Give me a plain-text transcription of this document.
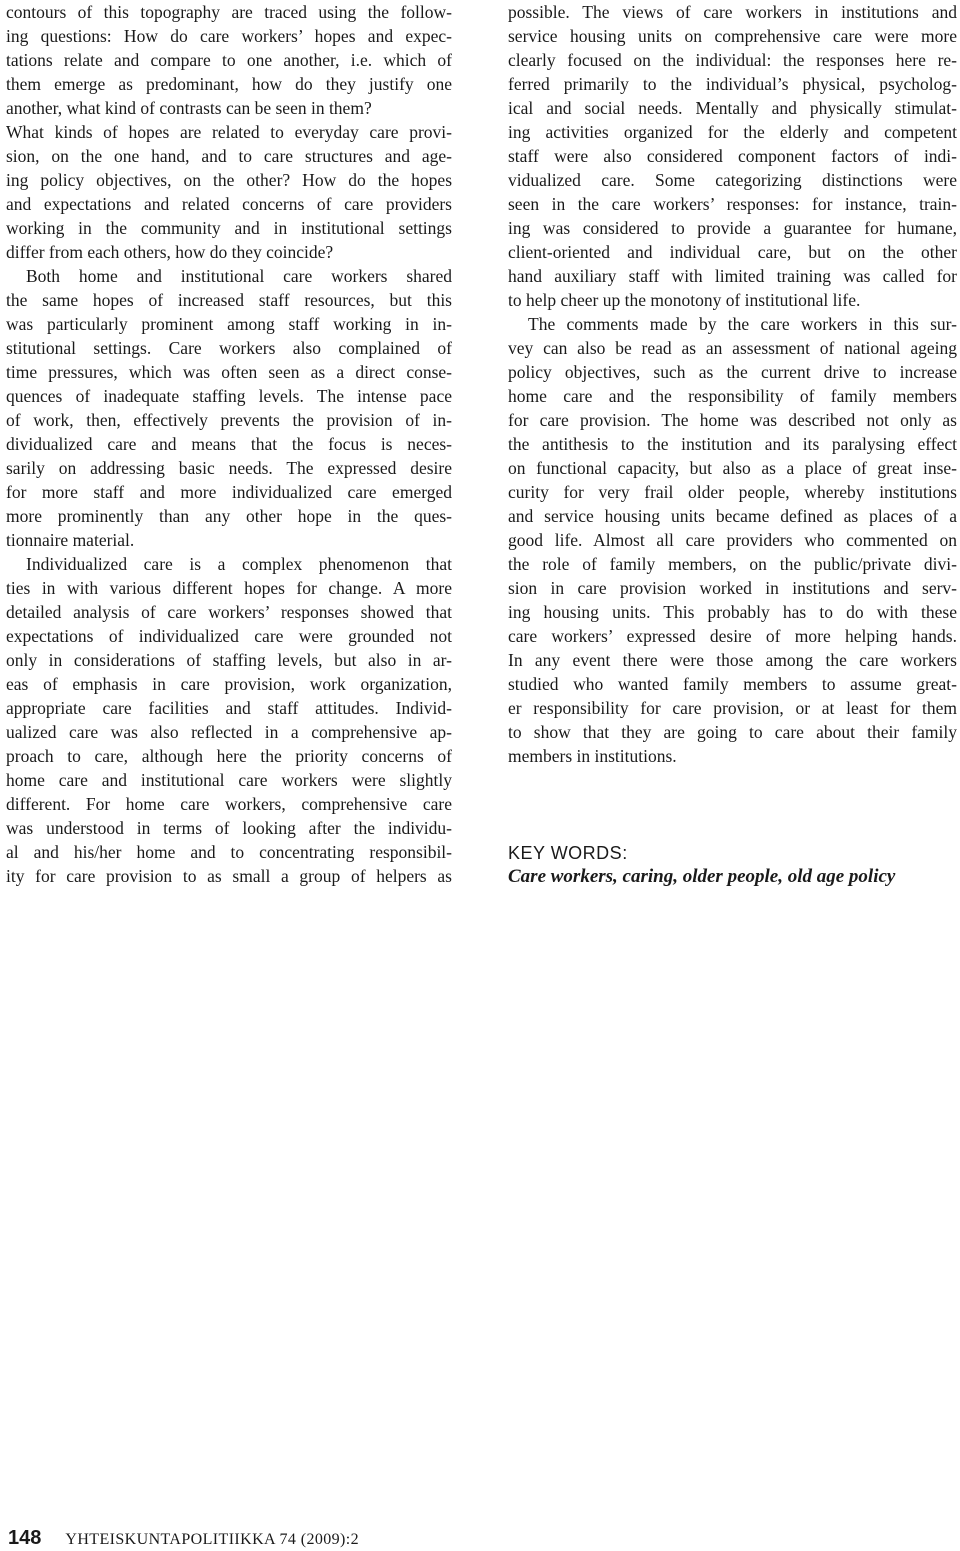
contours of this topography are traced using the follow-
ing questions: How do care workers’ hopes and expec-
tations relate and compare to one another, i.e. which of
them emerge as predominant, how do they justify one
another, what kind of contrasts can be seen in them?
What kinds of hopes are related to everyday care provi-
sion, on the one hand, and to care structures and age-
ing policy objectives, on the other? How do the hopes
and expectations and related concerns of care providers
working in the community and in institutional settings
differ from each others, how do they coincide?
Both home and institutional care workers shared
the same hopes of increased staff resources, but this
was particularly prominent among staff working in in-
stitutional settings. Care workers also complained of
time pressures, which was often seen as a direct conse-
quences of inadequate staffing levels. The intense pace
of work, then, effectively prevents the provision of in-
dividualized care and means that the focus is neces-
sarily on addressing basic needs. The expressed desire
for more staff and more individualized care emerged
more prominently than any other hope in the ques-
tionnaire material.
Individualized care is a complex phenomenon that
ties in with various different hopes for change. A more
detailed analysis of care workers’ responses showed that
expectations of individualized care were grounded not
only in considerations of staffing levels, but also in ar-
eas of emphasis in care provision, work organization,
appropriate care facilities and staff attitudes. Individ-
ualized care was also reflected in a comprehensive ap-
proach to care, although here the priority concerns of
home care and institutional care workers were slightly
different. For home care workers, comprehensive care
was understood in terms of looking after the individu-
al and his/her home and to concentrating responsibil-
ity for care provision to as small a group of helpers as
possible. The views of care workers in institutions and
service housing units on comprehensive care were more
clearly focused on the individual: the responses here re-
ferred primarily to the individual’s physical, psycholog-
ical and social needs. Mentally and physically stimulat-
ing activities organized for the elderly and competent
staff were also considered component factors of indi-
vidualized care. Some categorizing distinctions were
seen in the care workers’ responses: for instance, train-
ing was considered to provide a guarantee for humane,
client-oriented and individual care, but on the other
hand auxiliary staff with limited training was called for
to help cheer up the monotony of institutional life.
The comments made by the care workers in this sur-
vey can also be read as an assessment of national ageing
policy objectives, such as the current drive to increase
home care and the responsibility of family members
for care provision. The home was described not only as
the antithesis to the institution and its paralysing effect
on functional capacity, but also as a place of great inse-
curity for very frail older people, whereby institutions
and service housing units became defined as places of a
good life. Almost all care providers who commented on
the role of family members, on the public/private divi-
sion in care provision worked in institutions and serv-
ing housing units. This probably has to do with these
care workers’ expressed desire of more helping hands.
In any event there were those among the care workers
studied who wanted family members to assume great-
er responsibility for care provision, or at least for them
to show that they are going to care about their family
members in institutions.
KEY WORDS:
Care workers, caring, older people, old age policy
148 YHTEISKUNTAPOLITIIKKA 74 (2009):2
